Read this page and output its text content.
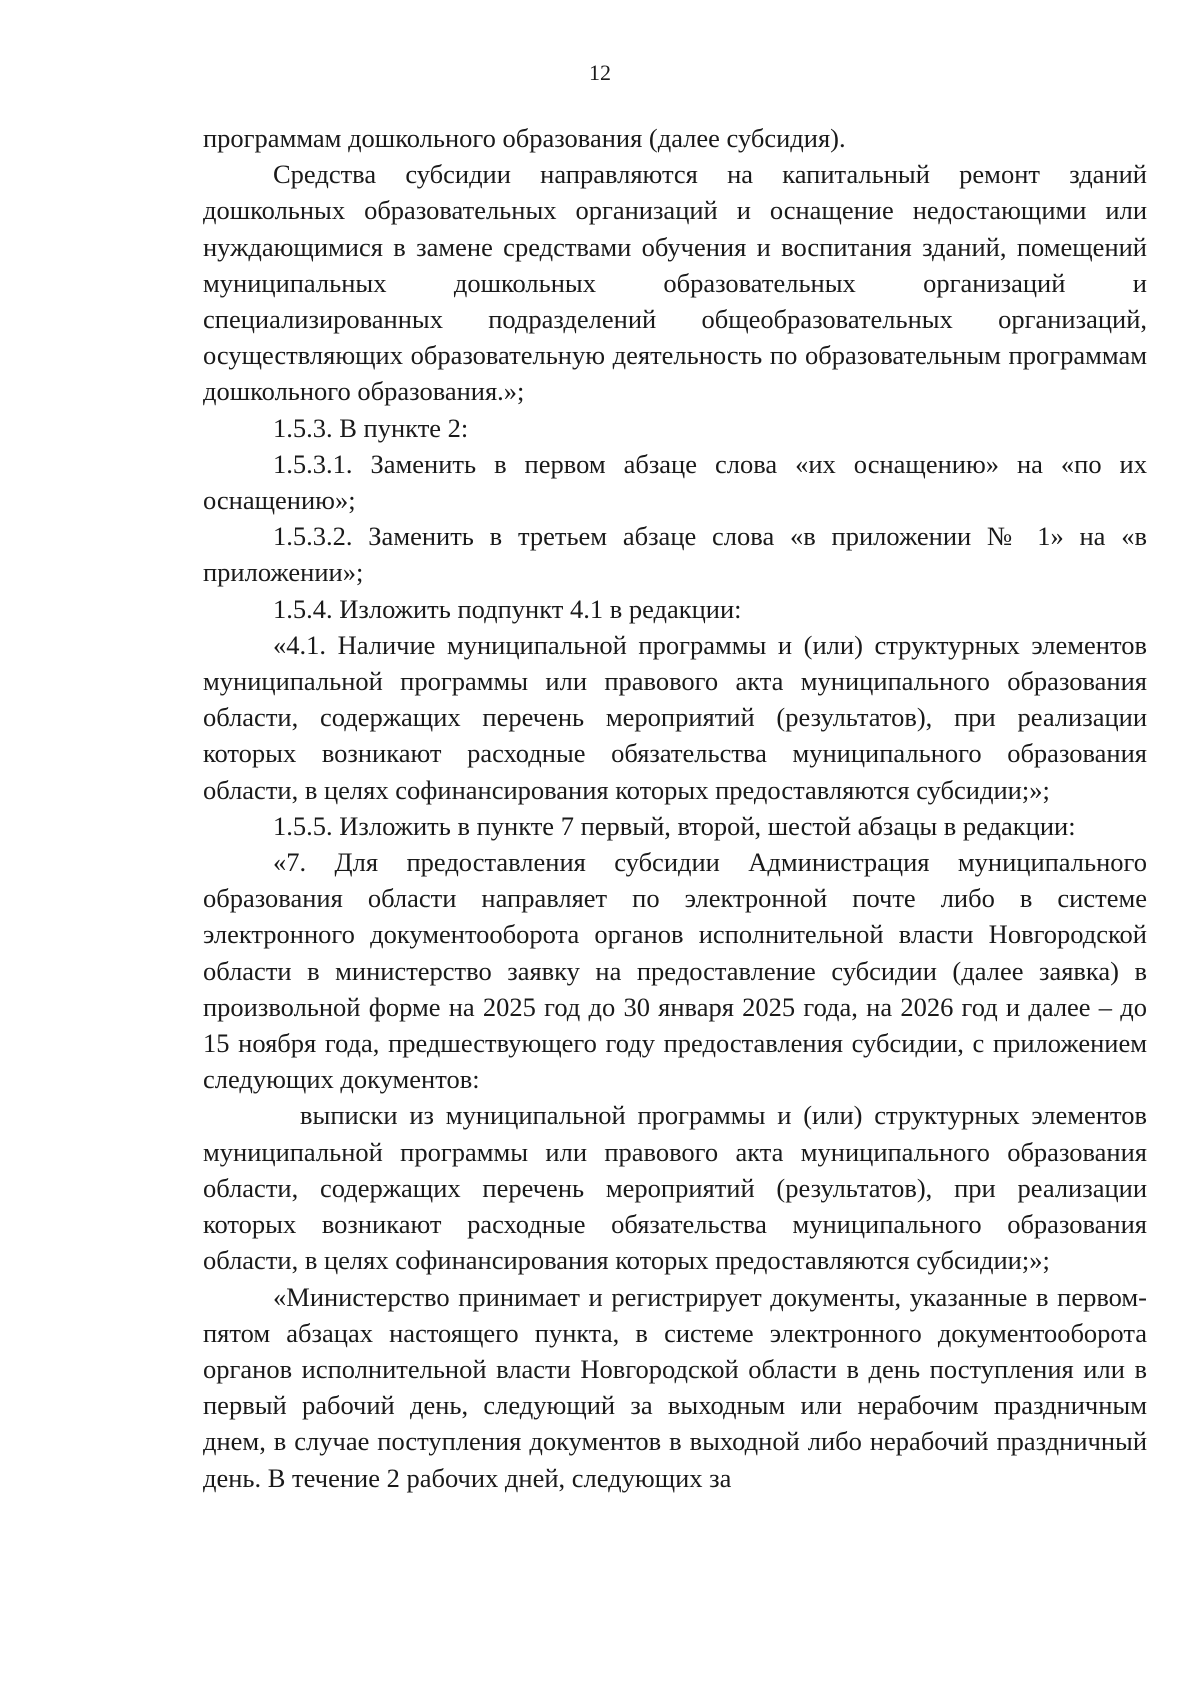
12

программам дошкольного образования (далее субсидия).

Средства субсидии направляются на капитальный ремонт зданий дошкольных образовательных организаций и оснащение недостающими или нуждающимися в замене средствами обучения и воспитания зданий, помещений муниципальных дошкольных образовательных организаций и специализированных подразделений общеобразовательных организаций, осуществляющих образовательную деятельность по образовательным программам дошкольного образования.»;

1.5.3. В пункте 2:

1.5.3.1. Заменить в первом абзаце слова «их оснащению» на «по их оснащению»;

1.5.3.2. Заменить в третьем абзаце слова «в приложении № 1» на «в приложении»;

1.5.4. Изложить подпункт 4.1 в редакции:

«4.1. Наличие муниципальной программы и (или) структурных элементов муниципальной программы или правового акта муниципального образования области, содержащих перечень мероприятий (результатов), при реализации которых возникают расходные обязательства муниципального образования области, в целях софинансирования которых предоставляются субсидии;»;

1.5.5. Изложить в пункте 7 первый, второй, шестой абзацы в редакции:

«7. Для предоставления субсидии Администрация муниципального образования области направляет по электронной почте либо в системе электронного документооборота органов исполнительной власти Новгородской области в министерство заявку на предоставление субсидии (далее заявка) в произвольной форме на 2025 год до 30 января 2025 года, на 2026 год и далее – до 15 ноября года, предшествующего году предоставления субсидии, с приложением следующих документов:

выписки из муниципальной программы и (или) структурных элементов муниципальной программы или правового акта муниципального образования области, содержащих перечень мероприятий (результатов), при реализации которых возникают расходные обязательства муниципального образования области, в целях софинансирования которых предоставляются субсидии;»;

«Министерство принимает и регистрирует документы, указанные в первом-пятом абзацах настоящего пункта, в системе электронного документооборота органов исполнительной власти Новгородской области в день поступления или в первый рабочий день, следующий за выходным или нерабочим праздничным днем, в случае поступления документов в выходной либо нерабочий праздничный день. В течение 2 рабочих дней, следующих за
